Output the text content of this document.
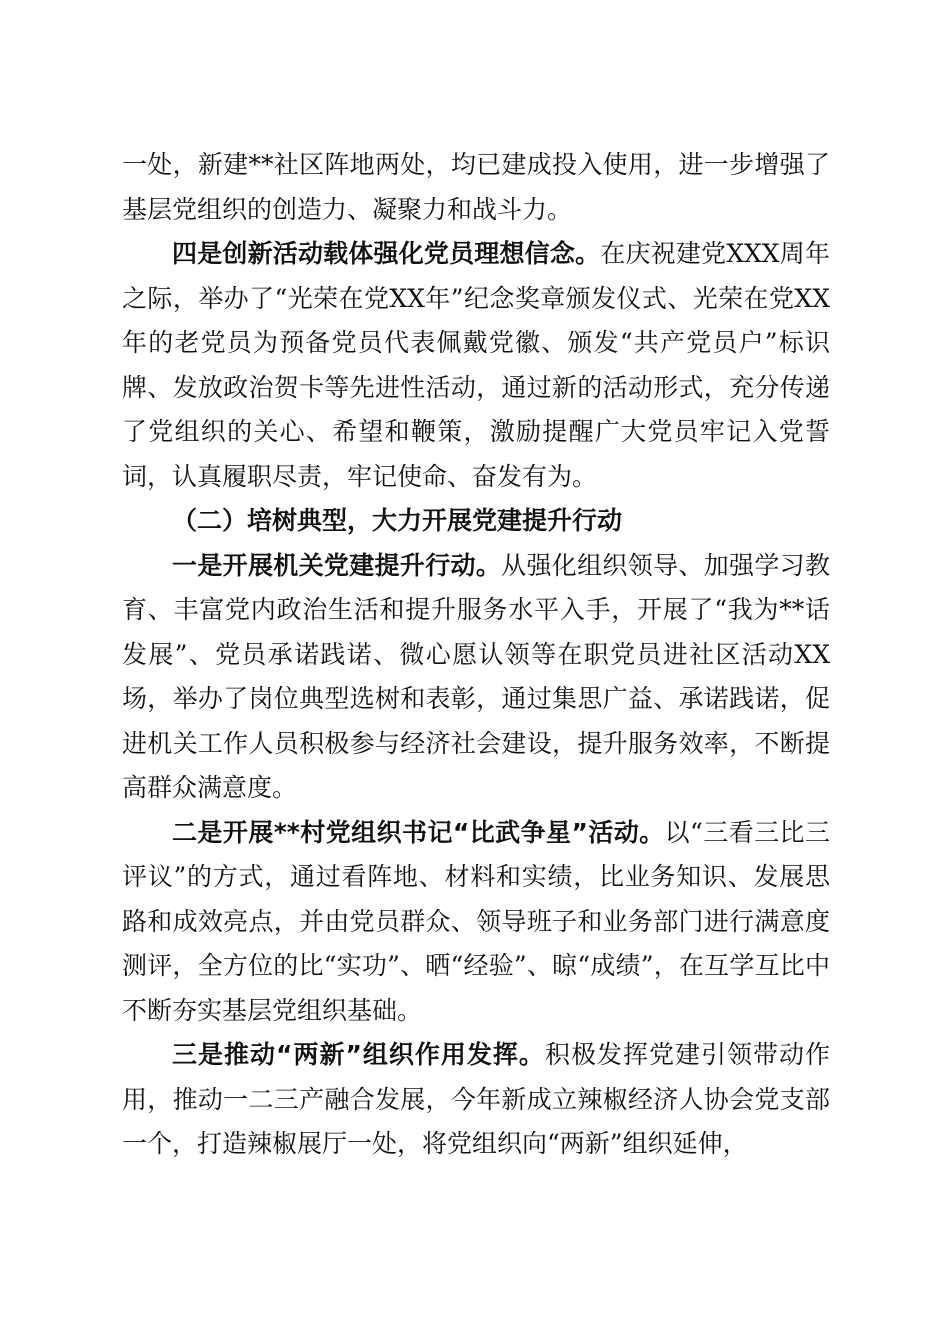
一处，新建**社区阵地两处，均已建成投入使用，进一步增强了基层党组织的创造力、凝聚力和战斗力。

四是创新活动载体强化党员理想信念。在庆祝建党XXX周年之际，举办了“光荣在党XX年”纪念奖章颁发仪式、光荣在党XX年的老党员为预备党员代表佩戴党徽、颁发“共产党员户”标识牌、发放政治贺卡等先进性活动，通过新的活动形式，充分传递了党组织的关心、希望和鞭策，激励提醒广大党员牢记入党誓词，认真履职尽责，牢记使命、奋发有为。

（二）培树典型，大力开展党建提升行动

一是开展机关党建提升行动。从强化组织领导、加强学习教育、丰富党内政治生活和提升服务水平入手，开展了“我为**话发展”、党员承诺践诺、微心愿认领等在职党员进社区活动XX场，举办了岗位典型选树和表彰，通过集思广益、承诺践诺，促进机关工作人员积极参与经济社会建设，提升服务效率，不断提高群众满意度。

二是开展**村党组织书记“比武争星”活动。以“三看三比三评议”的方式，通过看阵地、材料和实绩，比业务知识、发展思路和成效亮点，并由党员群众、领导班子和业务部门进行满意度测评，全方位的比“实功”、晒“经验”、晾“成绩”，在互学互比中不断夯实基层党组织基础。

三是推动“两新”组织作用发挥。积极发挥党建引领带动作用，推动一二三产融合发展，今年新成立辣椒经济人协会党支部一个，打造辣椒展厅一处，将党组织向“两新”组织延伸，
